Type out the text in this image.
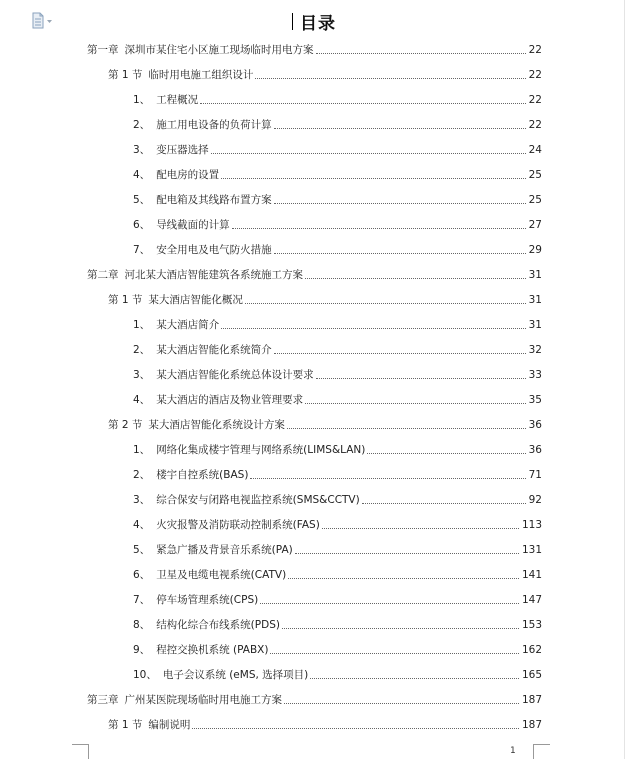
目录
第一章 深圳市某住宅小区施工现场临时用电方案	22
第 1 节 临时用电施工组织设计	22
1、 工程概况	22
2、 施工用电设备的负荷计算	22
3、 变压器选择	24
4、 配电房的设置	25
5、 配电箱及其线路布置方案	25
6、 导线截面的计算	27
7、 安全用电及电气防火措施	29
第二章 河北某大酒店智能建筑各系统施工方案	31
第 1 节 某大酒店智能化概况	31
1、 某大酒店简介	31
2、 某大酒店智能化系统简介	32
3、 某大酒店智能化系统总体设计要求	33
4、 某大酒店的酒店及物业管理要求	35
第 2 节 某大酒店智能化系统设计方案	36
1、 网络化集成楼宇管理与网络系统(LIMS&LAN)	36
2、 楼宇自控系统(BAS)	71
3、 综合保安与闭路电视监控系统(SMS&CCTV)	92
4、 火灾报警及消防联动控制系统(FAS)	113
5、 紧急广播及背景音乐系统(PA)	131
6、 卫星及电缆电视系统(CATV)	141
7、 停车场管理系统(CPS)	147
8、 结构化综合布线系统(PDS)	153
9、 程控交换机系统 (PABX)	162
10、 电子会议系统 (eMS, 选择项目)	165
第三章 广州某医院现场临时用电施工方案	187
第 1 节 编制说明	187
1
